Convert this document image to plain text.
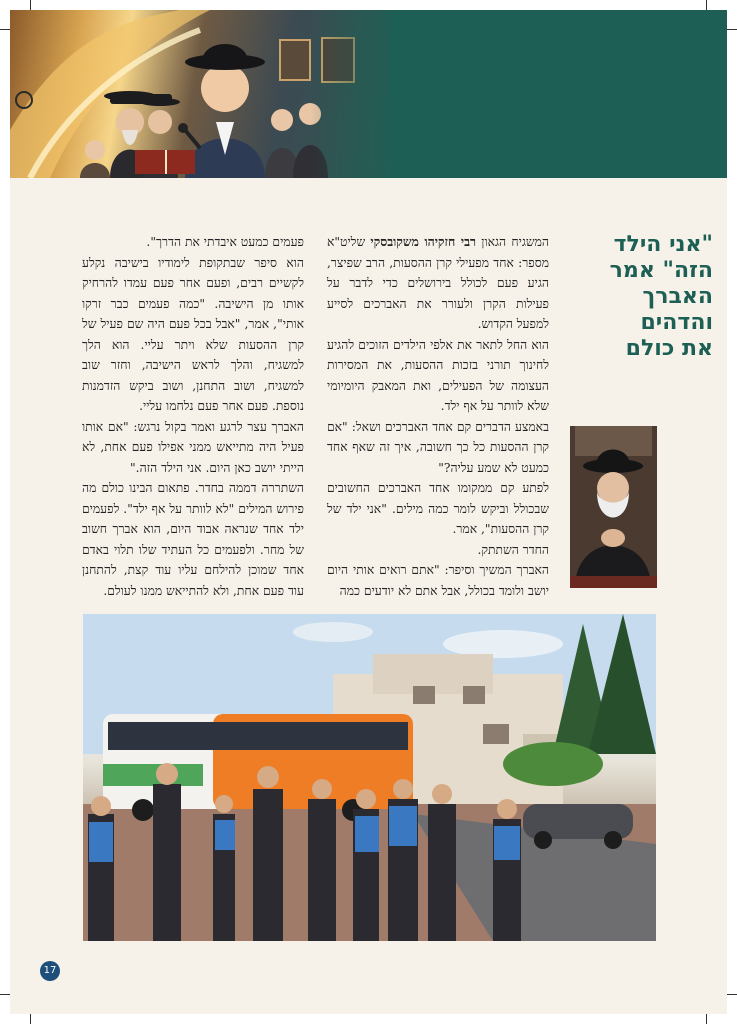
"אני הילד הזה" אמר האברך והדהים את כולם

המשגיח הגאון רבי חזקיהו משקובסקי שליט"א מספר: אחד מפעילי קרן ההסעות, הרב שפיצר, הגיע פעם לכולל בירושלים כדי לדבר על פעילות הקרן ולעורר את האברכים לסייע למפעל הקדוש.

הוא החל לתאר את אלפי הילדים הזוכים להגיע לחינוך תורני בזכות ההסעות, את המסירות העצומה של הפעילים, ואת המאבק היומיומי שלא לוותר על אף ילד.

באמצע הדברים קם אחד האברכים ושאל: "אם קרן ההסעות כל כך חשובה, איך זה שאף אחד כמעט לא שמע עליה?"

לפתע קם ממקומו אחד האברכים החשובים שבכולל וביקש לומר כמה מילים. "אני ילד של קרן ההסעות", אמר.

החדר השתתק.

האברך המשיך וסיפר: "אתם רואים אותי היום יושב ולומד בכולל, אבל אתם לא יודעים כמה

פעמים כמעט איבדתי את הדרך".

הוא סיפר שבתקופת לימודיו בישיבה נקלע לקשיים רבים, ופעם אחר פעם עמדו להרחיק אותו מן הישיבה. "כמה פעמים כבר זרקו אותי", אמר, "אבל בכל פעם היה שם פעיל של קרן ההסעות שלא ויתר עליי. הוא הלך למשגיח, והלך לראש הישיבה, וחזר שוב למשגיח, ושוב התחנן, ושוב ביקש הזדמנות נוספת. פעם אחר פעם נלחמו עליי.

האברך עצר לרגע ואמר בקול נרגש: "אם אותו פעיל היה מתייאש ממני אפילו פעם אחת, לא הייתי יושב כאן היום. אני הילד הזה."

השתררה דממה בחדר. פתאום הבינו כולם מה פירוש המילים "לא לוותר על אף ילד". לפעמים ילד אחד שנראה אבוד היום, הוא אברך חשוב של מחר. ולפעמים כל העתיד שלו תלוי באדם אחד שמוכן להילחם עליו עוד קצת, להתחנן עוד פעם אחת, ולא להתייאש ממנו לעולם.

17
